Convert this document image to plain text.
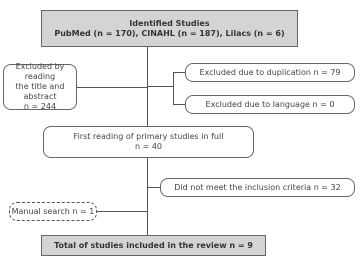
Identified Studies
PubMed (n = 170), CINAHL (n = 187), Lilacs (n = 6)
Excluded by reading
the title and abstract
n = 244
Excluded due to duplication n = 79
Excluded due to language n = 0
First reading of primary studies in full
n = 40
Did not meet the inclusion criteria n = 32
Manual search n = 1
Total of studies included in the review n = 9
